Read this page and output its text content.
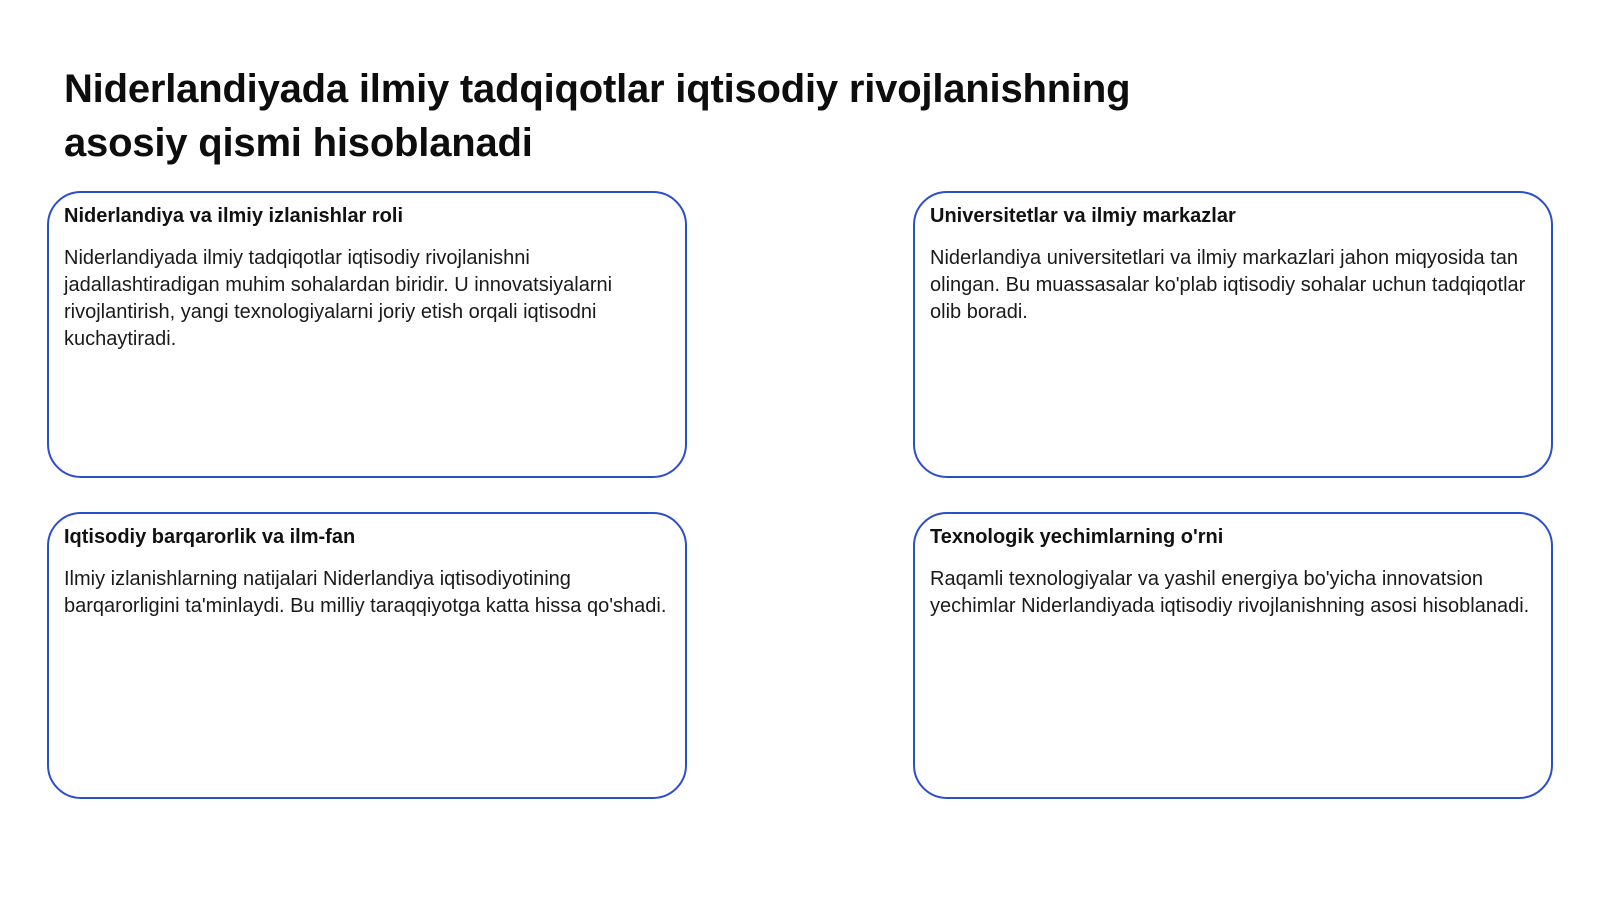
Niderlandiyada ilmiy tadqiqotlar iqtisodiy rivojlanishning asosiy qismi hisoblanadi
Niderlandiya va ilmiy izlanishlar roli

Niderlandiyada ilmiy tadqiqotlar iqtisodiy rivojlanishni jadallashtiradigan muhim sohalardan biridir. U innovatsiyalarni rivojlantirish, yangi texnologiyalarni joriy etish orqali iqtisodni kuchaytiradi.

Universitetlar va ilmiy markazlar

Niderlandiya universitetlari va ilmiy markazlari jahon miqyosida tan olingan. Bu muassasalar ko'plab iqtisodiy sohalar uchun tadqiqotlar olib boradi.

Iqtisodiy barqarorlik va ilm-fan

Ilmiy izlanishlarning natijalari Niderlandiya iqtisodiyotining barqarorligini ta'minlaydi. Bu milliy taraqqiyotga katta hissa qo'shadi.

Texnologik yechimlarning o'rni

Raqamli texnologiyalar va yashil energiya bo'yicha innovatsion yechimlar Niderlandiyada iqtisodiy rivojlanishning asosi hisoblanadi.
